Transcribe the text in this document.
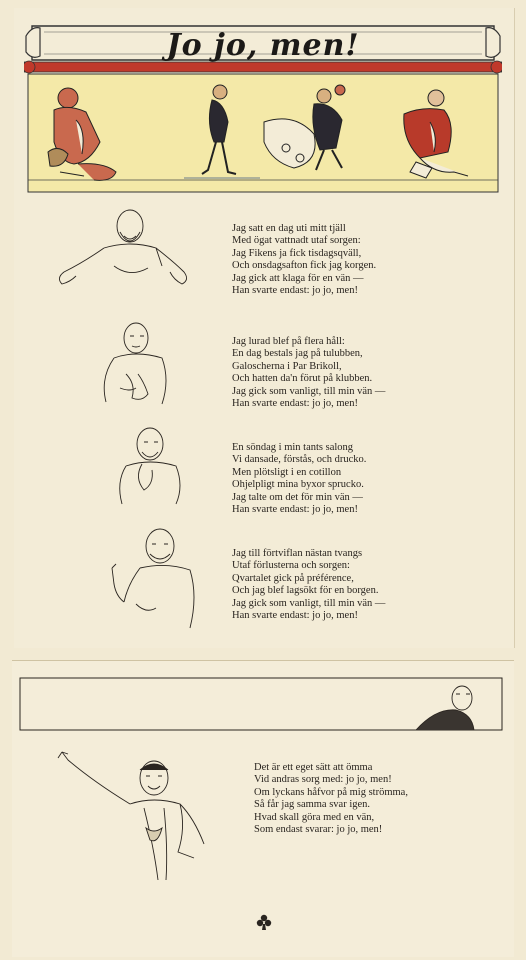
Jo jo, men!
Jag satt en dag uti mitt tjäll
Med ögat vattnadt utaf sorgen:
Jag Fikens ja fick tisdagsqväll,
Och onsdagsafton fick jag korgen.
Jag gick att klaga för en vän —
Han svarte endast: jo jo, men!
Jag lurad blef på flera håll:
En dag bestals jag på tulubben,
Galoscherna i Par Brikoll,
Och hatten da'n förut på klubben.
Jag gick som vanligt, till min vän —
Han svarte endast: jo jo, men!
En söndag i min tants salong
Vi dansade, förstås, och drucko.
Men plötsligt i en cotillon
Ohjelpligt mina byxor sprucko.
Jag talte om det för min vän —
Han svarte endast: jo jo, men!
Jag till förtviflan nästan tvangs
Utaf förlusterna och sorgen:
Qvartalet gick på préférence,
Och jag blef lagsökt för en borgen.
Jag gick som vanligt, till min vän —
Han svarte endast: jo jo, men!
Det är ett eget sätt att ömma
Vid andras sorg med: jo jo, men!
Om lyckans håfvor på mig strömma,
Så får jag samma svar igen.
Hvad skall göra med en vän,
Som endast svarar: jo jo, men!
